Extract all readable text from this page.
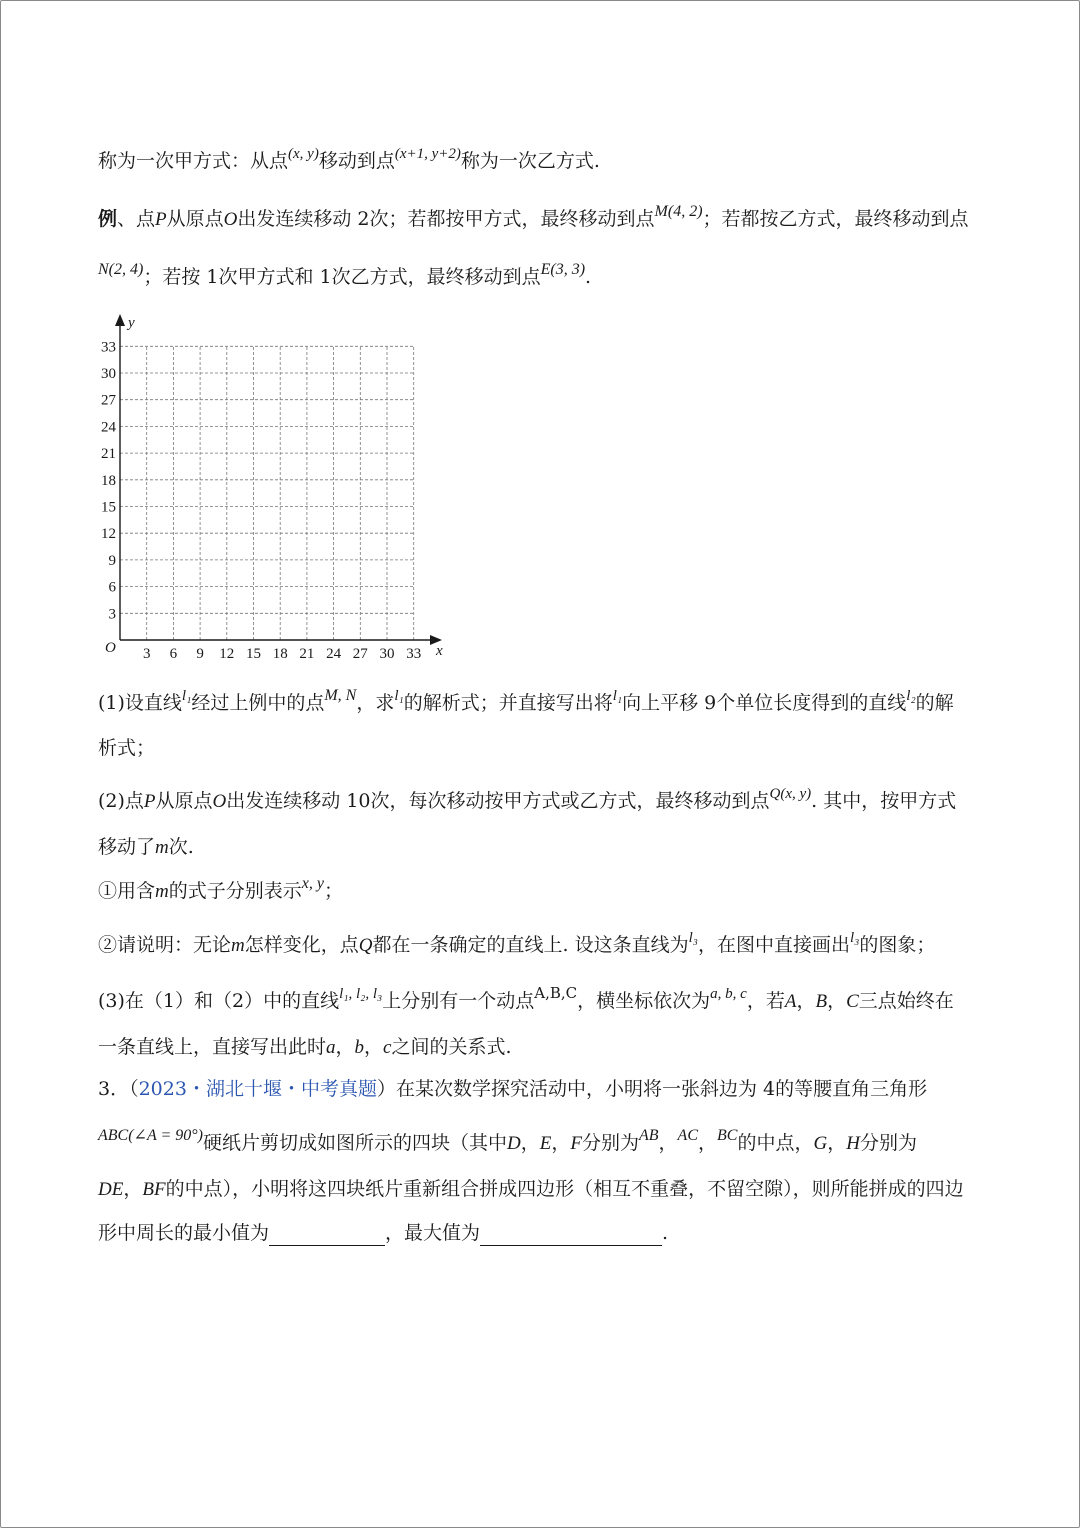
称为一次甲方式：从点$^{(x, y)}$移动到点$^{(x+1, y+2)}$称为一次乙方式.
例、点P从原点O出发连续移动 2次；若都按甲方式，最终移动到点$^{M(4, 2)}$；若都按乙方式，最终移动到点
$^{N(2, 4)}$；若按 1次甲方式和 1次乙方式，最终移动到点$^{E(3, 3)}$.
3 6 9 12 15 18 21 24 27 30 33
3
6
9
12
15
18
21
24
27
30
33
O	x
y
(1)设直线$^{l_1}$经过上例中的点$^{M, N}$，求$^{l_1}$的解析式；并直接写出将$^{l_1}$向上平移 9个单位长度得到的直线$^{l_2}$的解
析式；
(2)点P从原点O出发连续移动 10次，每次移动按甲方式或乙方式，最终移动到点$^{Q(x, y)}$. 其中，按甲方式
移动了m次.
①用含m的式子分别表示$^{x, y}$；
②请说明：无论m怎样变化，点Q都在一条确定的直线上. 设这条直线为$^{l_3}$，在图中直接画出$^{l_3}$的图象；
(3)在（1）和（2）中的直线$^{l_1, l_2, l_3}$上分别有一个动点$^{A,B,C}$，横坐标依次为$^{a, b, c}$，若A，B，C三点始终在
一条直线上，直接写出此时a，b，c之间的关系式.
3．（2023・湖北十堰・中考真题）在某次数学探究活动中，小明将一张斜边为 4的等腰直角三角形
$^{ABC(\angle A = 90^\circ)}$硬纸片剪切成如图所示的四块（其中D，E，F分别为$^{AB}$，$^{AC}$，$^{BC}$的中点，G，H分别为
DE，BF的中点），小明将这四块纸片重新组合拼成四边形（相互不重叠，不留空隙），则所能拼成的四边
形中周长的最小值为	，最大值为	.
